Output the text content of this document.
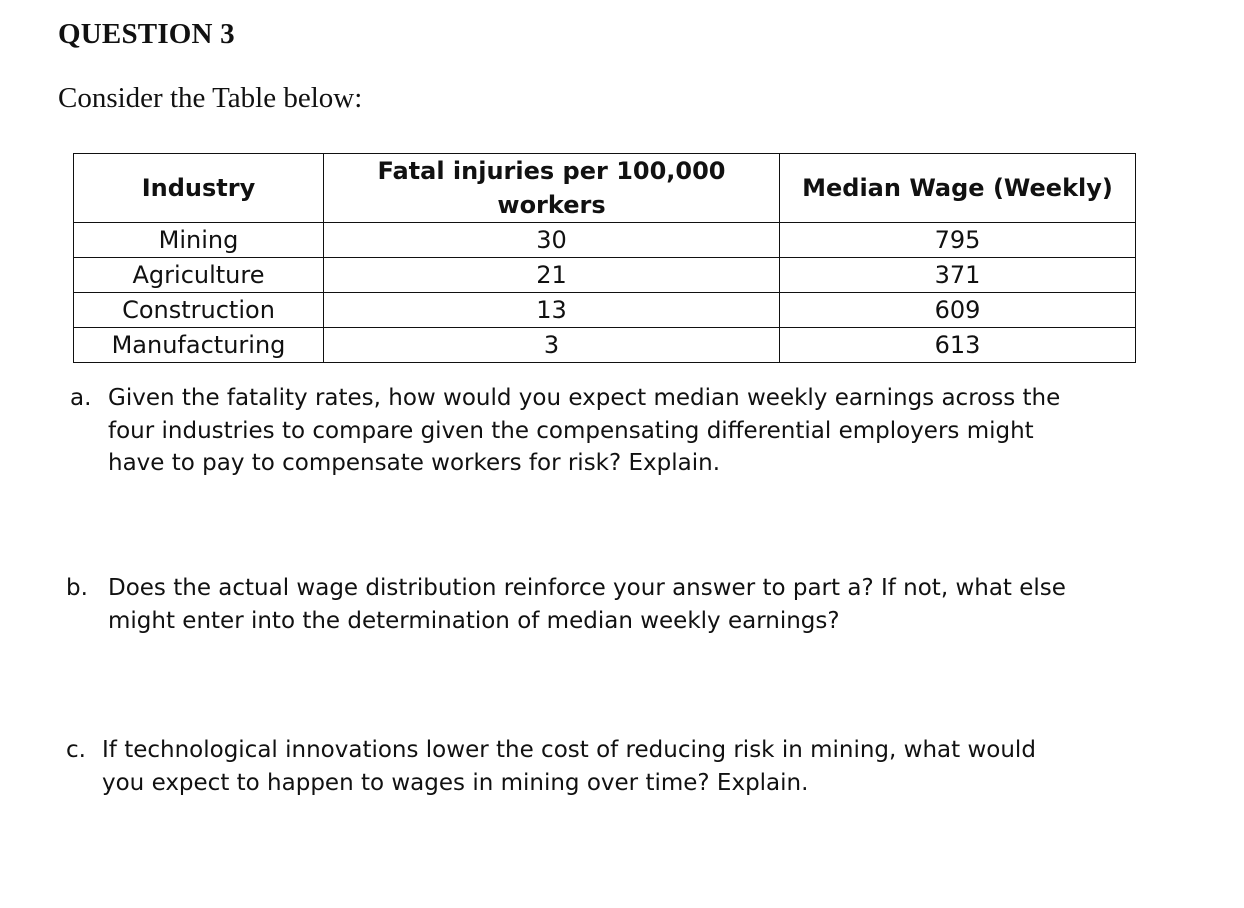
QUESTION 3

Consider the Table below:

Industry	Fatal injuries per 100,000 workers	Median Wage (Weekly)
Mining	30	795
Agriculture	21	371
Construction	13	609
Manufacturing	3	613
a. Given the fatality rates, how would you expect median weekly earnings across the four industries to compare given the compensating differential employers might have to pay to compensate workers for risk? Explain.
b. Does the actual wage distribution reinforce your answer to part a? If not, what else might enter into the determination of median weekly earnings?
c. If technological innovations lower the cost of reducing risk in mining, what would you expect to happen to wages in mining over time? Explain.
